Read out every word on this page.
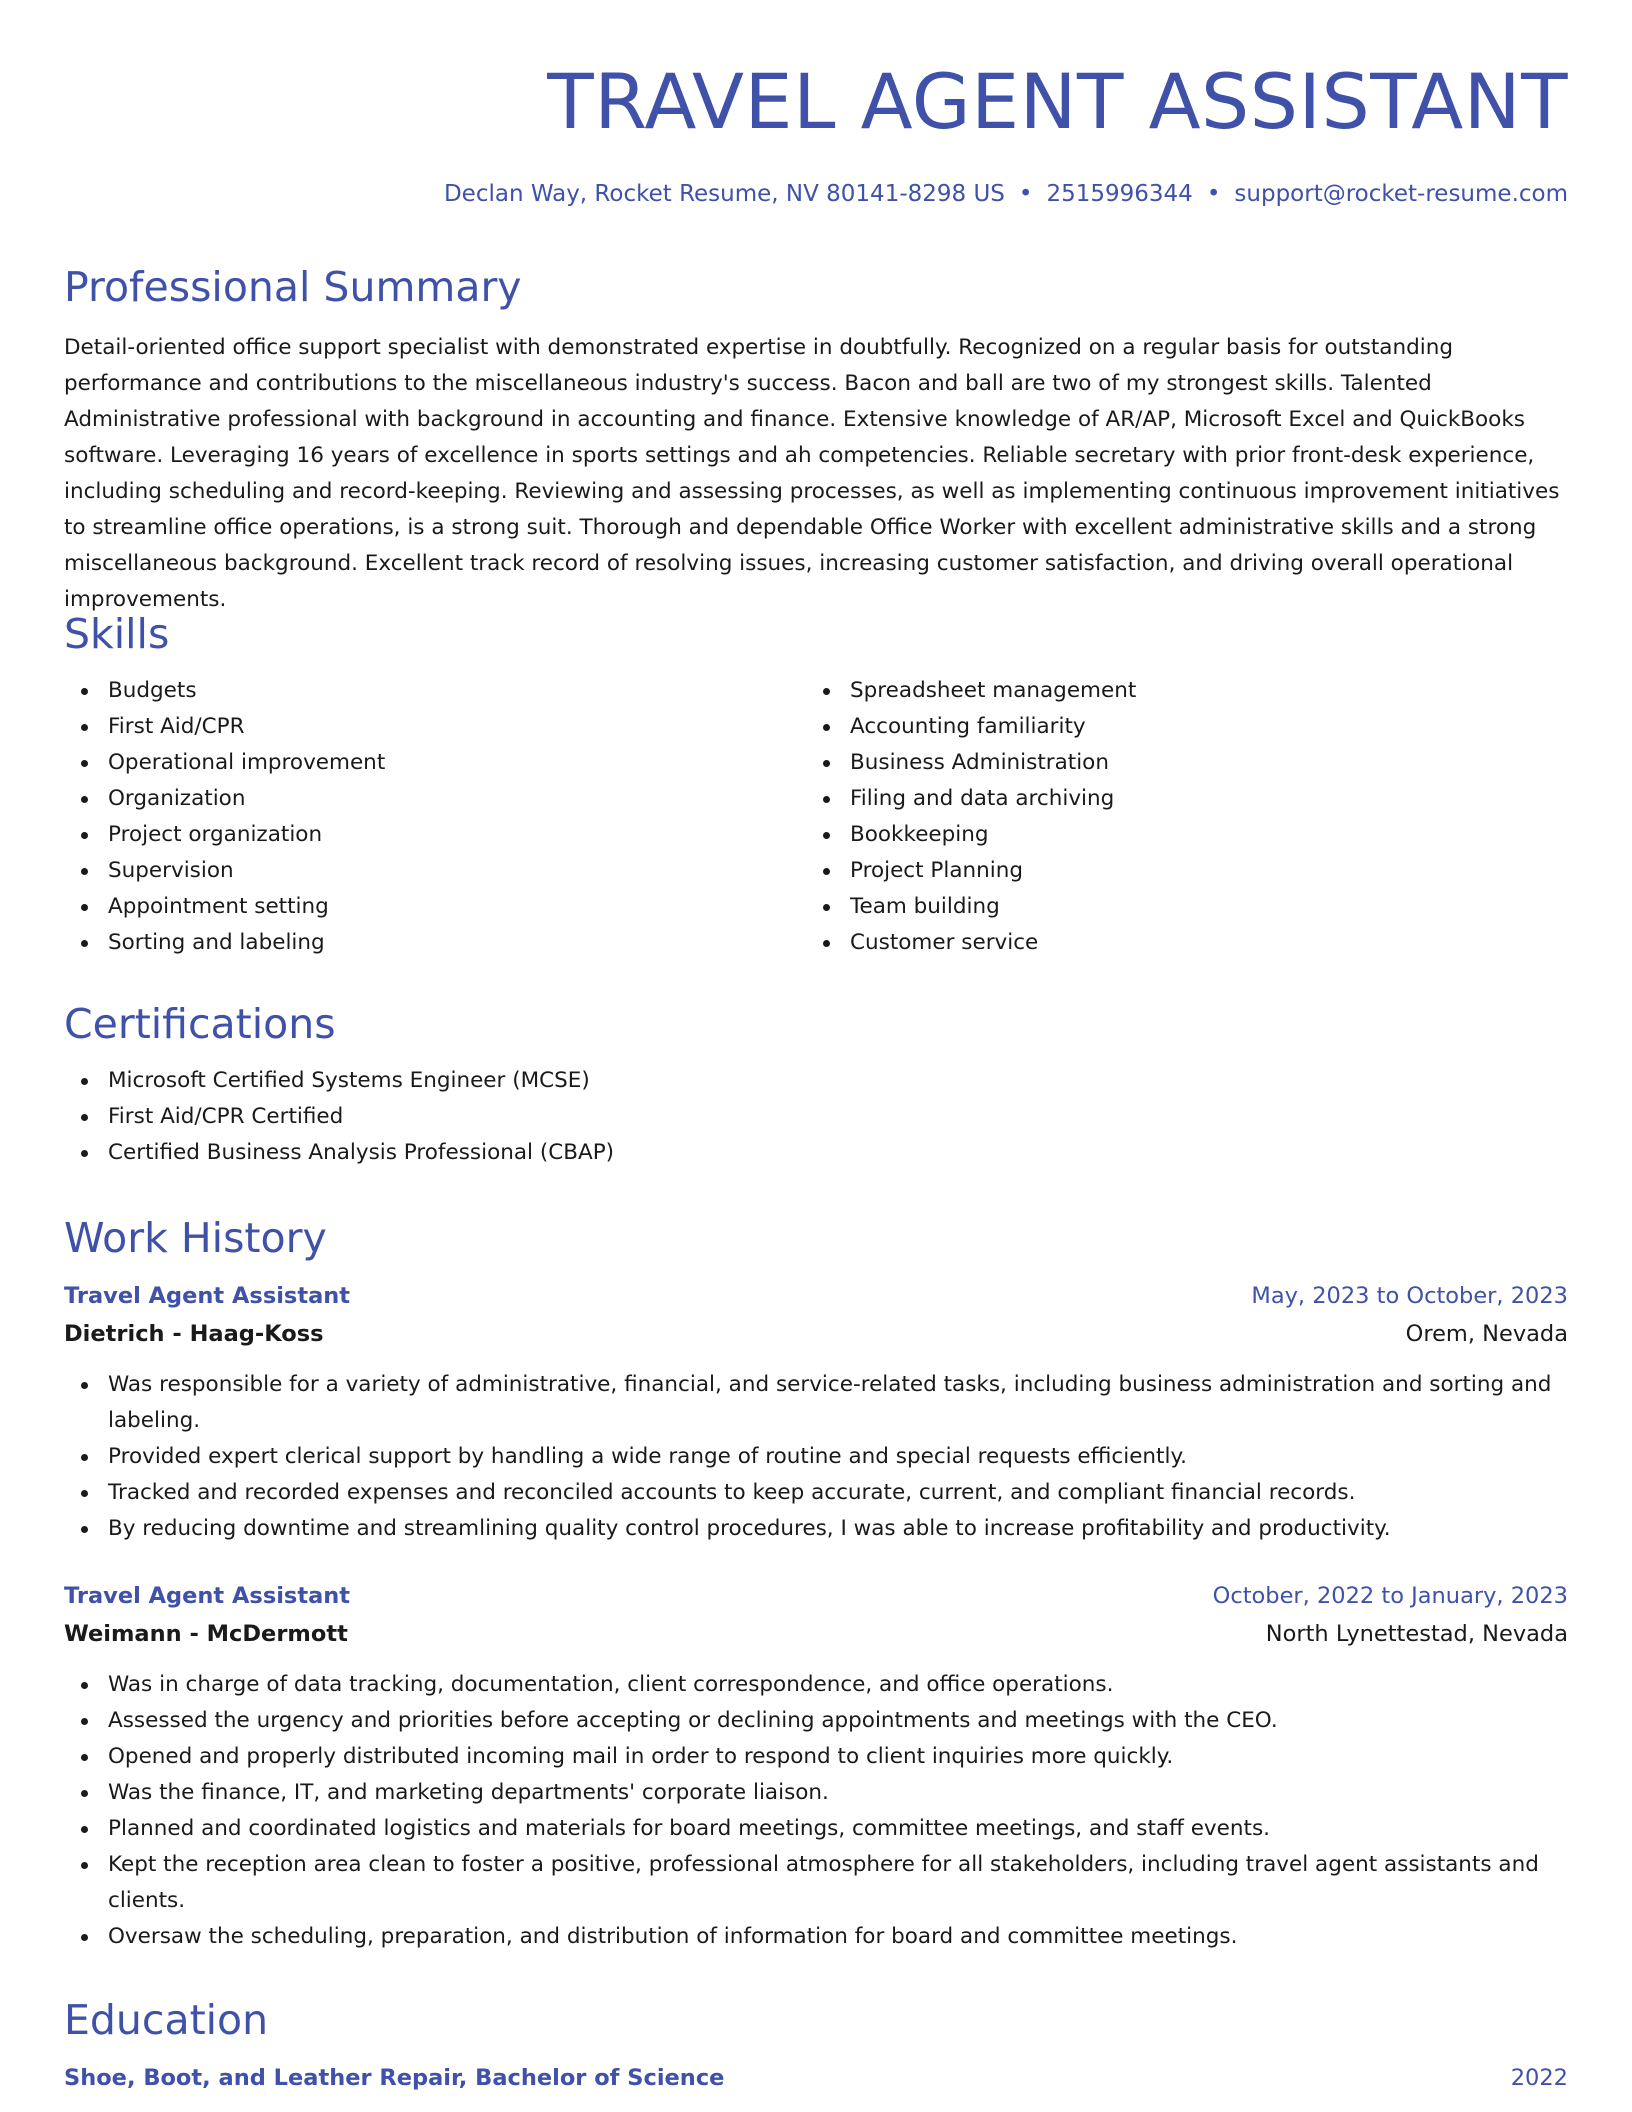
TRAVEL AGENT ASSISTANT
Declan Way, Rocket Resume, NV 80141-8298 US • 2515996344 • support@rocket-resume.com
Professional Summary

Detail-oriented office support specialist with demonstrated expertise in doubtfully. Recognized on a regular basis for outstanding performance and contributions to the miscellaneous industry's success. Bacon and ball are two of my strongest skills. Talented Administrative professional with background in accounting and finance. Extensive knowledge of AR/AP, Microsoft Excel and QuickBooks software. Leveraging 16 years of excellence in sports settings and ah competencies. Reliable secretary with prior front-desk experience, including scheduling and record-keeping. Reviewing and assessing processes, as well as implementing continuous improvement initiatives to streamline office operations, is a strong suit. Thorough and dependable Office Worker with excellent administrative skills and a strong miscellaneous background. Excellent track record of resolving issues, increasing customer satisfaction, and driving overall operational improvements.

Skills
Budgets
First Aid/CPR
Operational improvement
Organization
Project organization
Supervision
Appointment setting
Sorting and labeling
Spreadsheet management
Accounting familiarity
Business Administration
Filing and data archiving
Bookkeeping
Project Planning
Team building
Customer service
Certifications
Microsoft Certified Systems Engineer (MCSE)
First Aid/CPR Certified
Certified Business Analysis Professional (CBAP)
Work History
Travel Agent Assistant	May, 2023 to October, 2023
Dietrich - Haag-Koss	Orem, Nevada
Was responsible for a variety of administrative, financial, and service-related tasks, including business administration and sorting and labeling.
Provided expert clerical support by handling a wide range of routine and special requests efficiently.
Tracked and recorded expenses and reconciled accounts to keep accurate, current, and compliant financial records.
By reducing downtime and streamlining quality control procedures, I was able to increase profitability and productivity.
Travel Agent Assistant	October, 2022 to January, 2023
Weimann - McDermott	North Lynettestad, Nevada
Was in charge of data tracking, documentation, client correspondence, and office operations.
Assessed the urgency and priorities before accepting or declining appointments and meetings with the CEO.
Opened and properly distributed incoming mail in order to respond to client inquiries more quickly.
Was the finance, IT, and marketing departments' corporate liaison.
Planned and coordinated logistics and materials for board meetings, committee meetings, and staff events.
Kept the reception area clean to foster a positive, professional atmosphere for all stakeholders, including travel agent assistants and clients.
Oversaw the scheduling, preparation, and distribution of information for board and committee meetings.
Education
Shoe, Boot, and Leather Repair, Bachelor of Science	2022
